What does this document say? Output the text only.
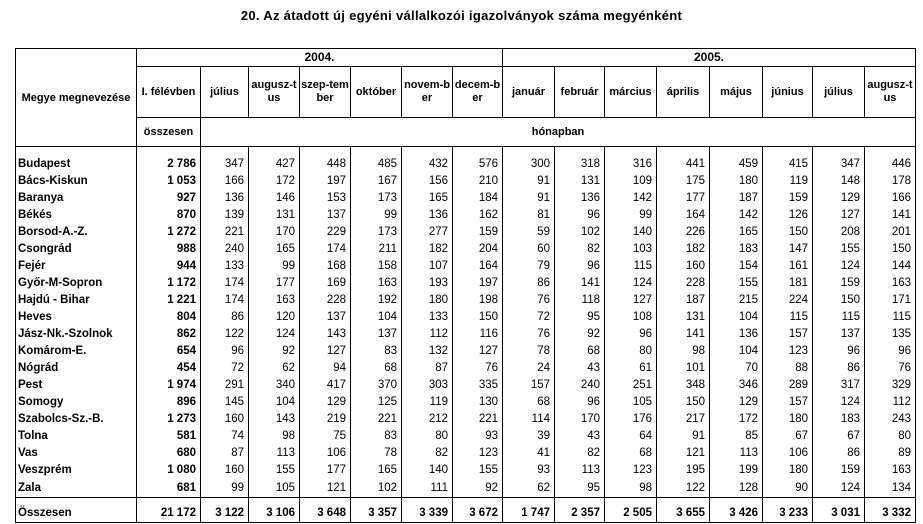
20. Az átadott új egyéni vállalkozói igazolványok száma megyénként
Megye megnevezése	2004.							2005.							
	I. félévben	július	augusz-tus	szep-tember	október	novem-ber	decem-ber	január	február	március	április	május	június	július	augusz-tus
	összesen	hónapban													

Budapest	2 786	347	427	448	485	432	576	300	318	316	441	459	415	347	446
Bács-Kiskun	1 053	166	172	197	167	156	210	91	131	109	175	180	119	148	178
Baranya	927	136	146	153	173	165	184	91	136	142	177	187	159	129	166
Békés	870	139	131	137	99	136	162	81	96	99	164	142	126	127	141
Borsod-A.-Z.	1 272	221	170	229	173	277	159	59	102	140	226	165	150	208	201
Csongrád	988	240	165	174	211	182	204	60	82	103	182	183	147	155	150
Fejér	944	133	99	168	158	107	164	79	96	115	160	154	161	124	144
Győr-M-Sopron	1 172	174	177	169	163	193	197	86	141	124	228	155	181	159	163
Hajdú - Bihar	1 221	174	163	228	192	180	198	76	118	127	187	215	224	150	171
Heves	804	86	120	137	104	133	150	72	95	108	131	104	115	115	115
Jász-Nk.-Szolnok	862	122	124	143	137	112	116	76	92	96	141	136	157	137	135
Komárom-E.	654	96	92	127	83	132	127	78	68	80	98	104	123	96	96
Nógrád	454	72	62	94	68	87	76	24	43	61	101	70	88	86	76
Pest	1 974	291	340	417	370	303	335	157	240	251	348	346	289	317	329
Somogy	896	145	104	129	125	119	130	68	96	105	150	129	157	124	112
Szabolcs-Sz.-B.	1 273	160	143	219	221	212	221	114	170	176	217	172	180	183	243
Tolna	581	74	98	75	83	80	93	39	43	64	91	85	67	67	80
Vas	680	87	113	106	78	82	123	41	82	68	121	113	106	86	89
Veszprém	1 080	160	155	177	165	140	155	93	113	123	195	199	180	159	163
Zala	681	99	105	121	102	111	92	62	95	98	122	128	90	124	134

Összesen	21 172	3 122	3 106	3 648	3 357	3 339	3 672	1 747	2 357	2 505	3 655	3 426	3 233	3 031	3 332
